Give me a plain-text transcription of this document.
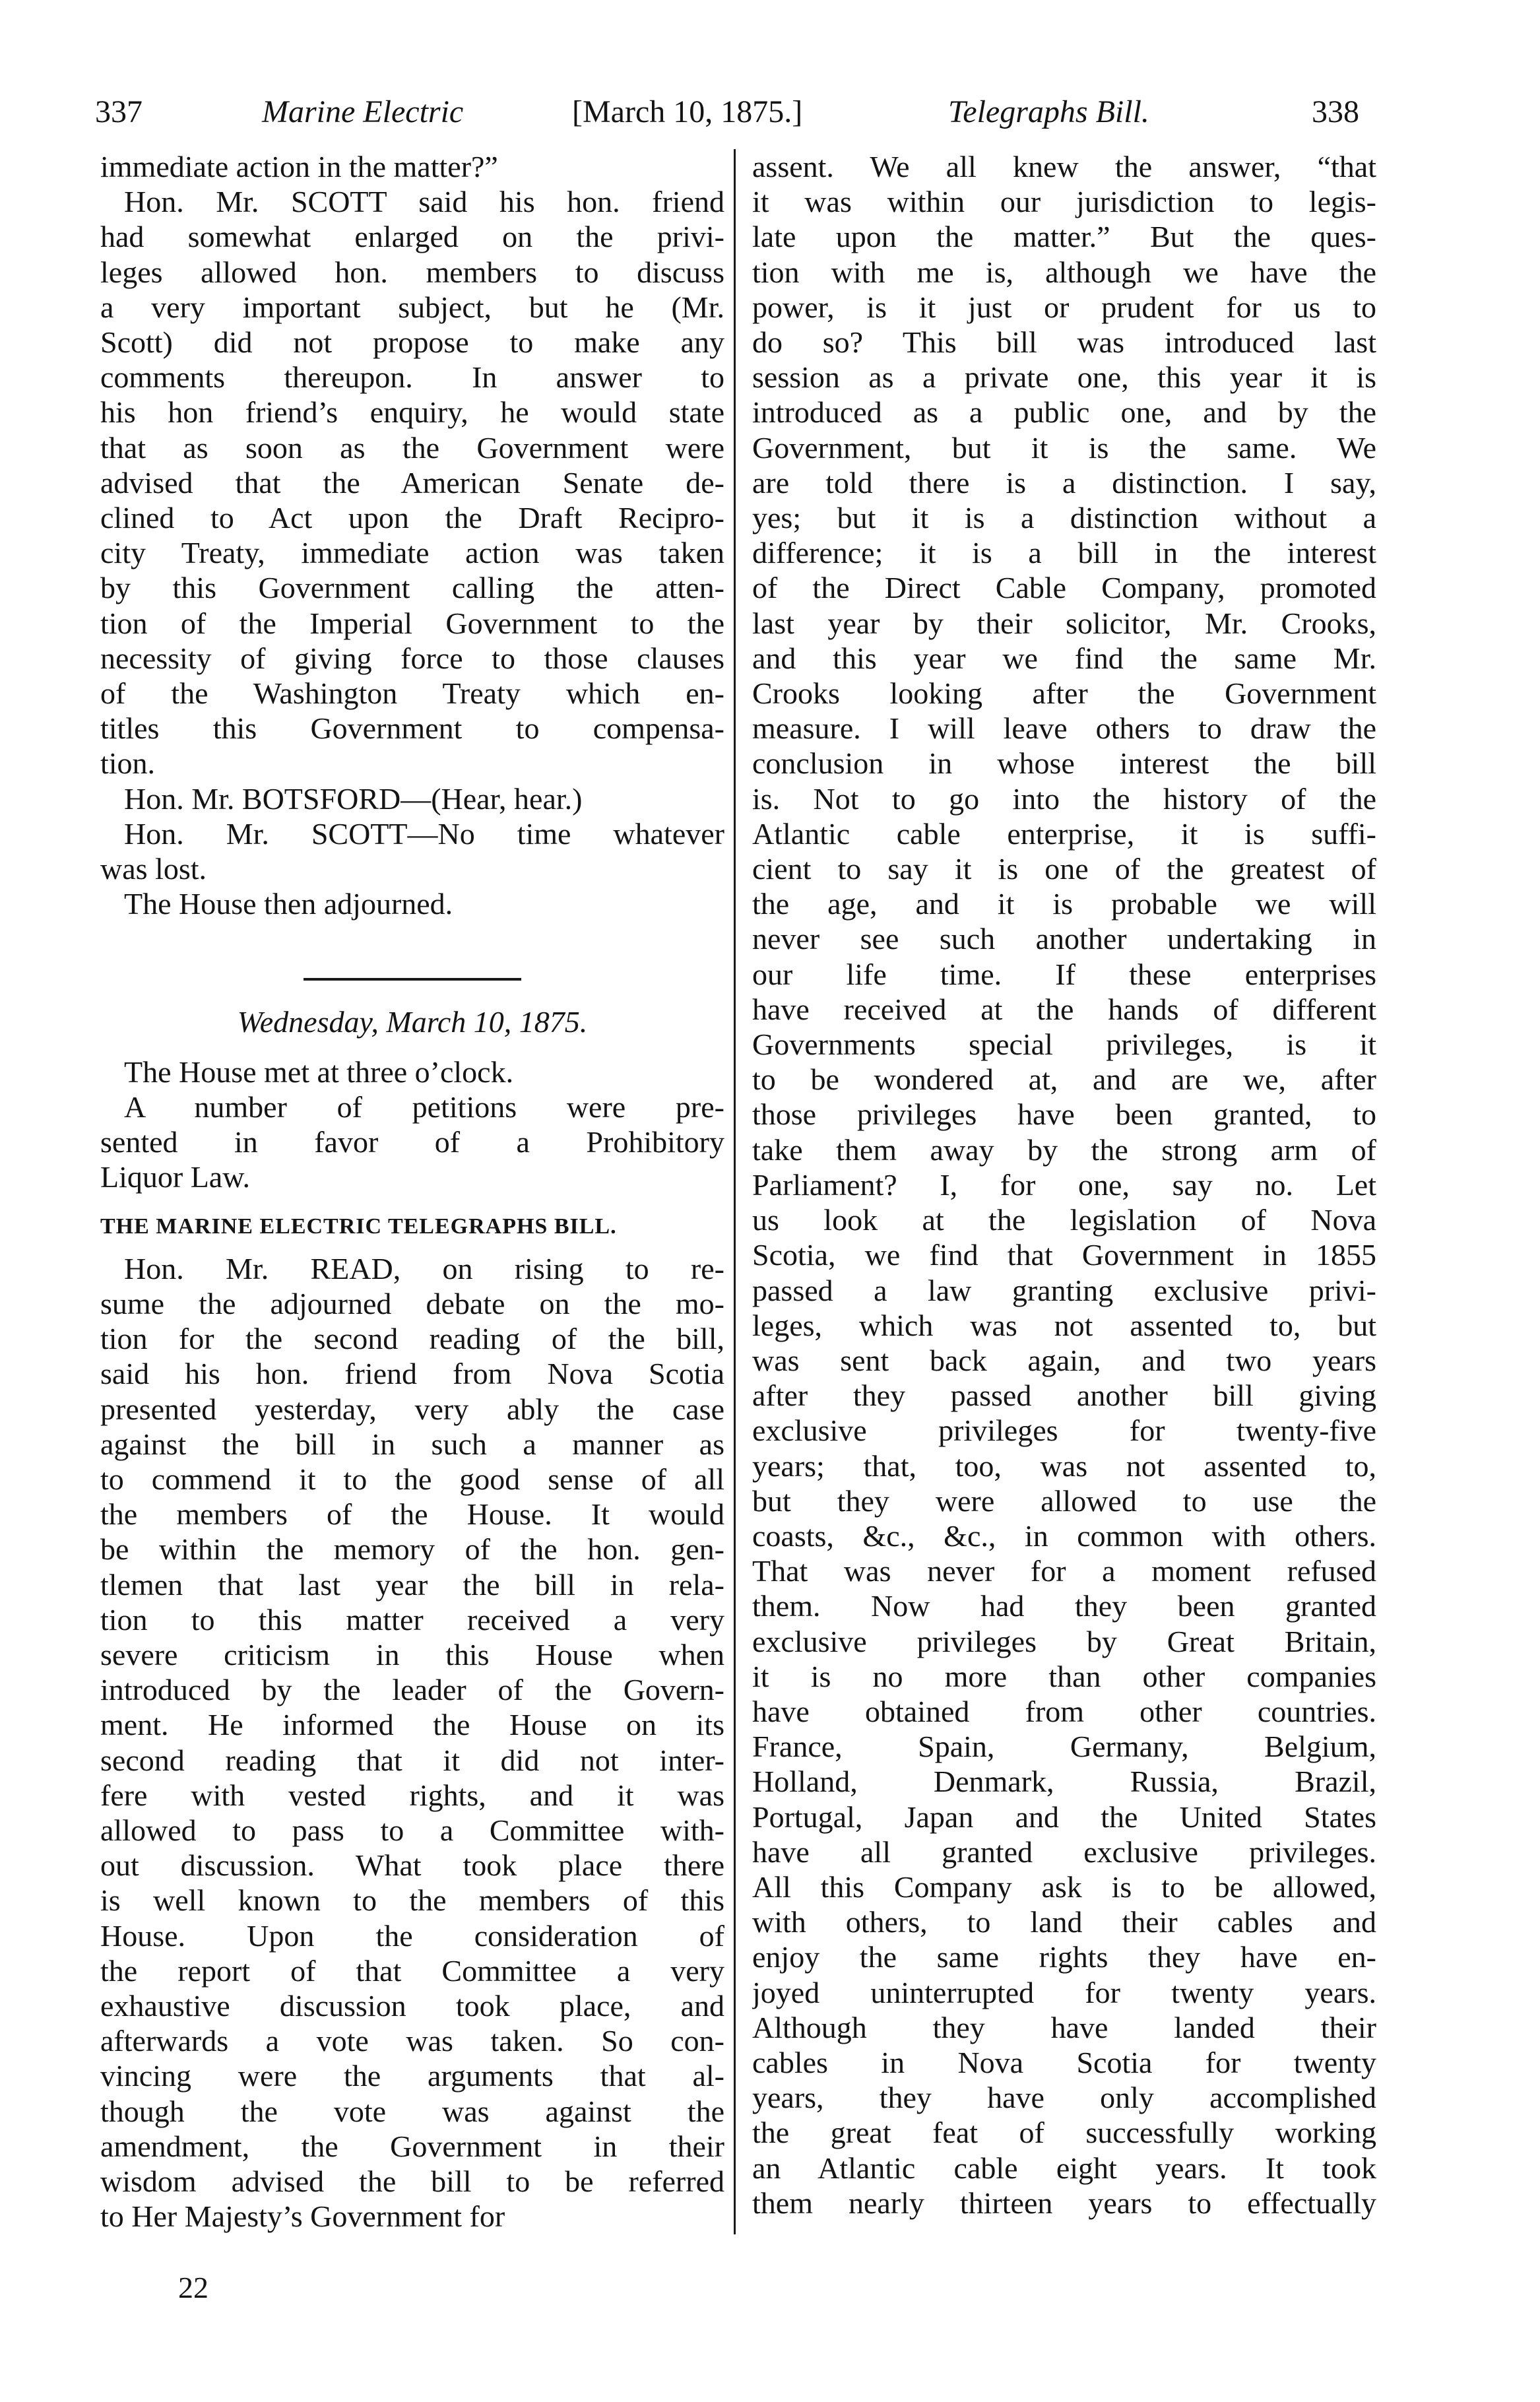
337	Marine Electric	[March 10, 1875.]	Telegraphs Bill.	338
immediate action in the matter?”
Hon. Mr. SCOTT said his hon. friend
had somewhat enlarged on the privi-
leges allowed hon. members to discuss
a very important subject, but he (Mr.
Scott) did not propose to make any
comments thereupon. In answer to
his hon friend’s enquiry, he would state
that as soon as the Government were
advised that the American Senate de-
clined to Act upon the Draft Recipro-
city Treaty, immediate action was taken
by this Government calling the atten-
tion of the Imperial Government to the
necessity of giving force to those clauses
of the Washington Treaty which en-
titles this Government to compensa-
tion.
Hon. Mr. BOTSFORD—(Hear, hear.)
Hon. Mr. SCOTT—No time whatever
was lost.
The House then adjourned.
Wednesday, March 10, 1875.
The House met at three o’clock.
A number of petitions were pre-
sented in favor of a Prohibitory
Liquor Law.
THE MARINE ELECTRIC TELEGRAPHS BILL.
Hon. Mr. READ, on rising to re-
sume the adjourned debate on the mo-
tion for the second reading of the bill,
said his hon. friend from Nova Scotia
presented yesterday, very ably the case
against the bill in such a manner as
to commend it to the good sense of all
the members of the House. It would
be within the memory of the hon. gen-
tlemen that last year the bill in rela-
tion to this matter received a very
severe criticism in this House when
introduced by the leader of the Govern-
ment. He informed the House on its
second reading that it did not inter-
fere with vested rights, and it was
allowed to pass to a Committee with-
out discussion. What took place there
is well known to the members of this
House. Upon the consideration of
the report of that Committee a very
exhaustive discussion took place, and
afterwards a vote was taken. So con-
vincing were the arguments that al-
though the vote was against the
amendment, the Government in their
wisdom advised the bill to be referred
to Her Majesty’s Government for
assent. We all knew the answer, “that
it was within our jurisdiction to legis-
late upon the matter.” But the ques-
tion with me is, although we have the
power, is it just or prudent for us to
do so? This bill was introduced last
session as a private one, this year it is
introduced as a public one, and by the
Government, but it is the same. We
are told there is a distinction. I say,
yes; but it is a distinction without a
difference; it is a bill in the interest
of the Direct Cable Company, promoted
last year by their solicitor, Mr. Crooks,
and this year we find the same Mr.
Crooks looking after the Government
measure. I will leave others to draw the
conclusion in whose interest the bill
is. Not to go into the history of the
Atlantic cable enterprise, it is suffi-
cient to say it is one of the greatest of
the age, and it is probable we will
never see such another undertaking in
our life time. If these enterprises
have received at the hands of different
Governments special privileges, is it
to be wondered at, and are we, after
those privileges have been granted, to
take them away by the strong arm of
Parliament? I, for one, say no. Let
us look at the legislation of Nova
Scotia, we find that Government in 1855
passed a law granting exclusive privi-
leges, which was not assented to, but
was sent back again, and two years
after they passed another bill giving
exclusive privileges for twenty-five
years; that, too, was not assented to,
but they were allowed to use the
coasts, &c., &c., in common with others.
That was never for a moment refused
them. Now had they been granted
exclusive privileges by Great Britain,
it is no more than other companies
have obtained from other countries.
France, Spain, Germany, Belgium,
Holland, Denmark, Russia, Brazil,
Portugal, Japan and the United States
have all granted exclusive privileges.
All this Company ask is to be allowed,
with others, to land their cables and
enjoy the same rights they have en-
joyed uninterrupted for twenty years.
Although they have landed their
cables in Nova Scotia for twenty
years, they have only accomplished
the great feat of successfully working
an Atlantic cable eight years. It took
them nearly thirteen years to effectually
22
